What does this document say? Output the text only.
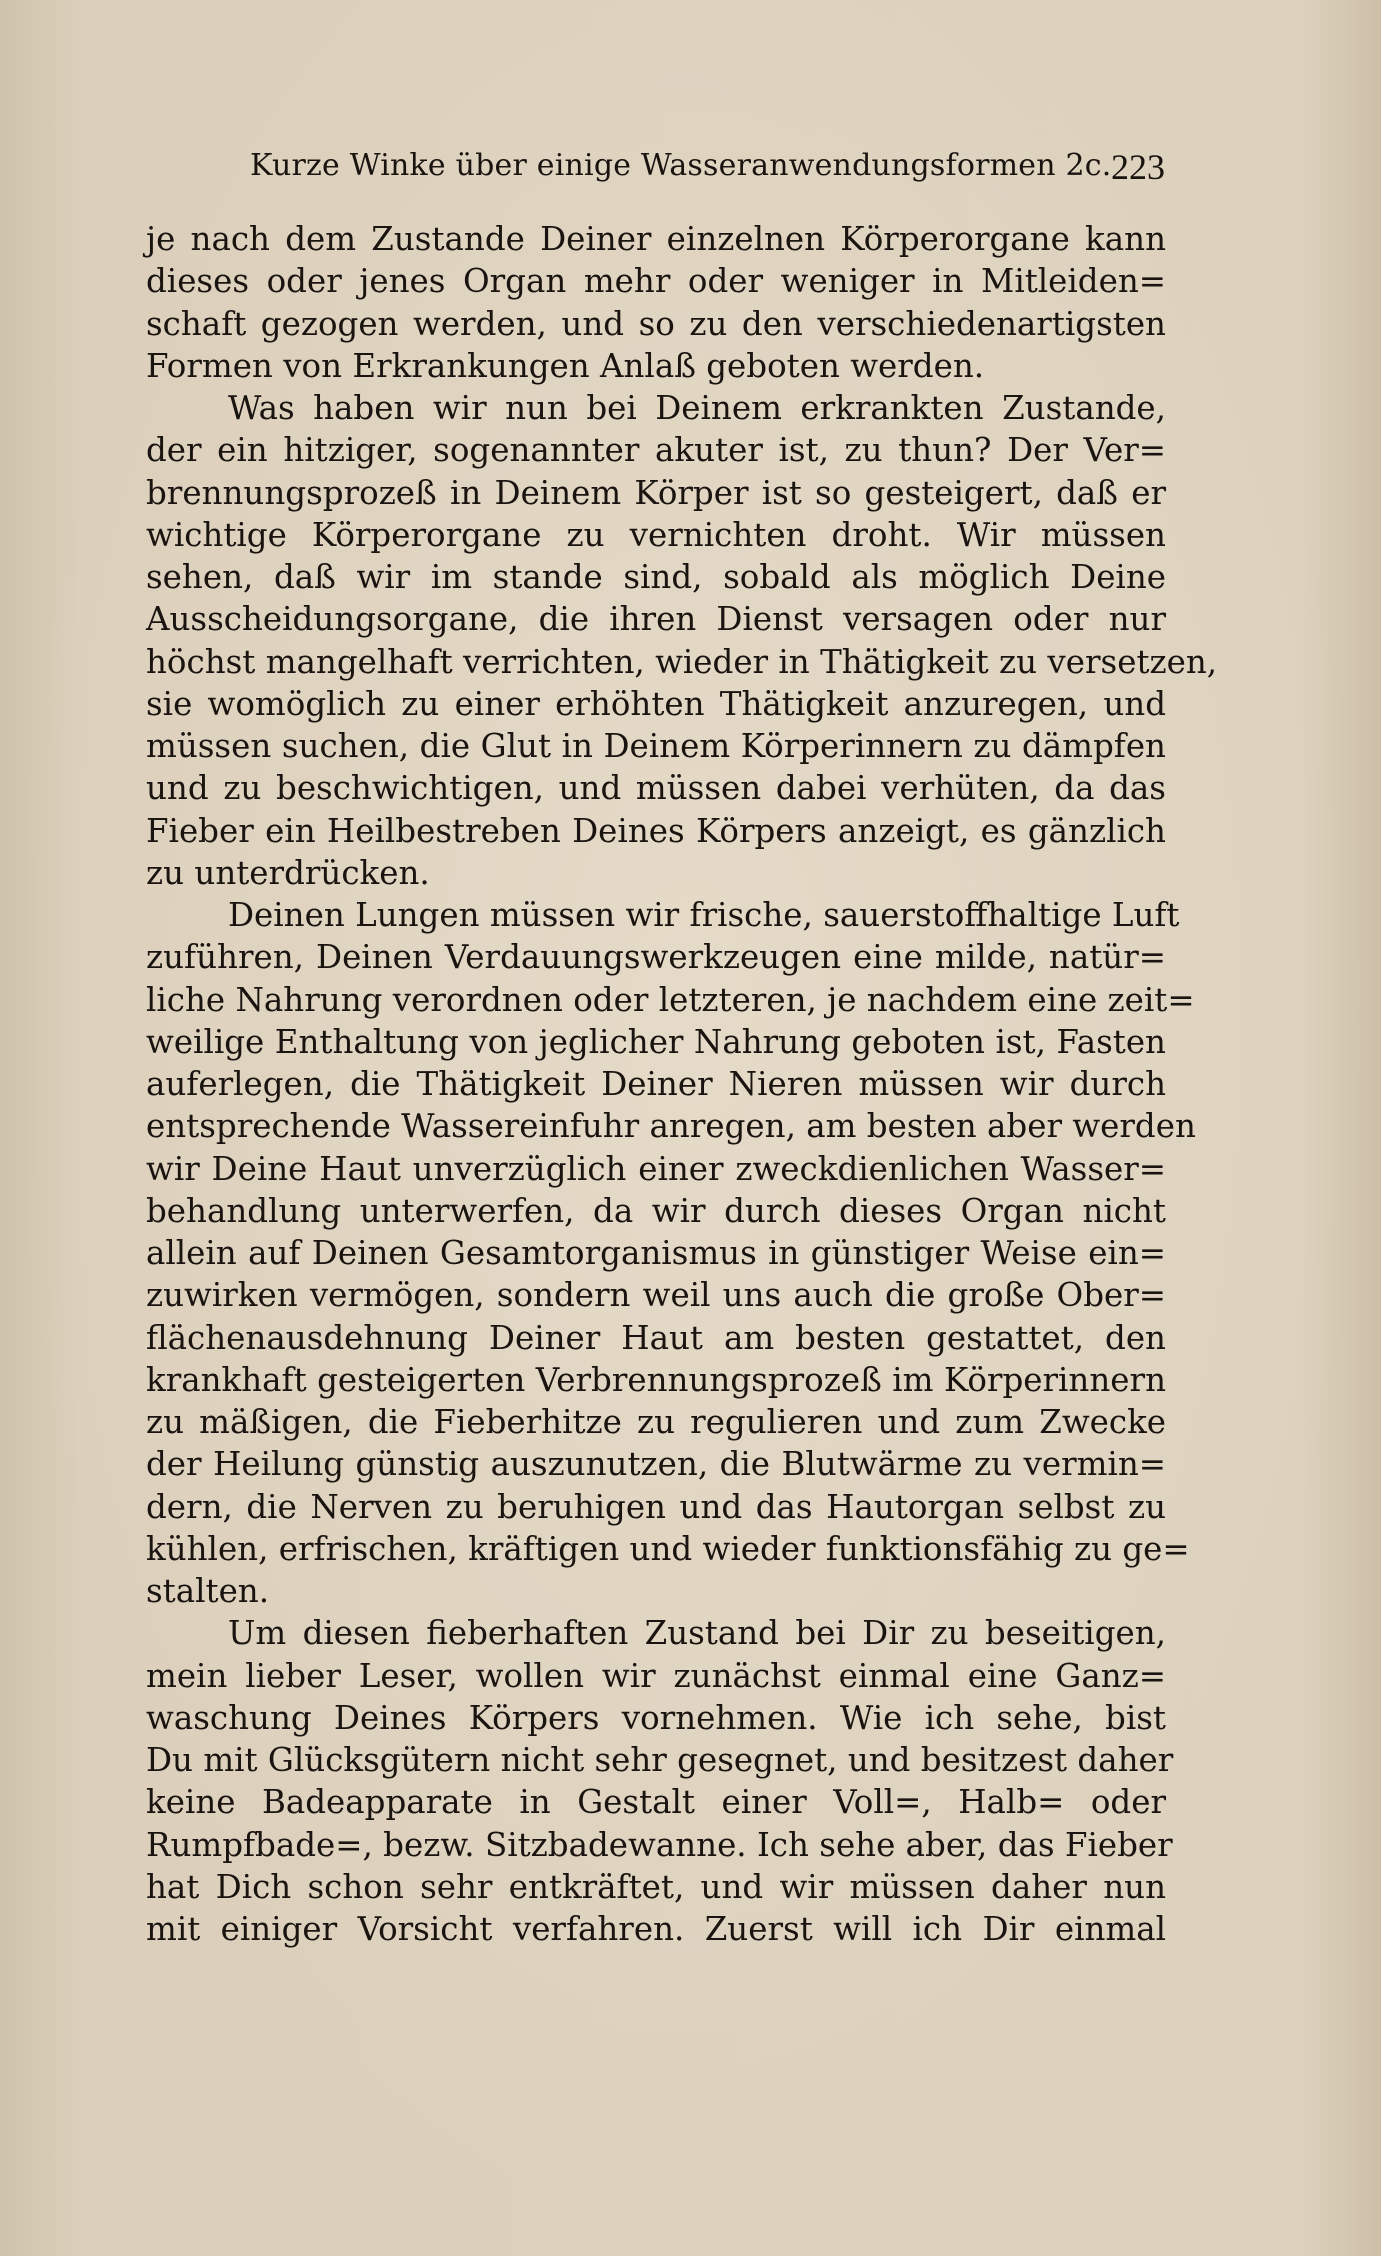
Kurze Winke über einige Wasseranwendungsformen 2c. 223
je nach dem Zustande Deiner einzelnen Körperorgane kann
dieses oder jenes Organ mehr oder weniger in Mitleiden=
schaft gezogen werden, und so zu den verschiedenartigsten
Formen von Erkrankungen Anlaß geboten werden.
Was haben wir nun bei Deinem erkrankten Zustande,
der ein hitziger, sogenannter akuter ist, zu thun? Der Ver=
brennungsprozeß in Deinem Körper ist so gesteigert, daß er
wichtige Körperorgane zu vernichten droht. Wir müssen
sehen, daß wir im stande sind, sobald als möglich Deine
Ausscheidungsorgane, die ihren Dienst versagen oder nur
höchst mangelhaft verrichten, wieder in Thätigkeit zu versetzen,
sie womöglich zu einer erhöhten Thätigkeit anzuregen, und
müssen suchen, die Glut in Deinem Körperinnern zu dämpfen
und zu beschwichtigen, und müssen dabei verhüten, da das
Fieber ein Heilbestreben Deines Körpers anzeigt, es gänzlich
zu unterdrücken.
Deinen Lungen müssen wir frische, sauerstoffhaltige Luft
zuführen, Deinen Verdauungswerkzeugen eine milde, natür=
liche Nahrung verordnen oder letzteren, je nachdem eine zeit=
weilige Enthaltung von jeglicher Nahrung geboten ist, Fasten
auferlegen, die Thätigkeit Deiner Nieren müssen wir durch
entsprechende Wassereinfuhr anregen, am besten aber werden
wir Deine Haut unverzüglich einer zweckdienlichen Wasser=
behandlung unterwerfen, da wir durch dieses Organ nicht
allein auf Deinen Gesamtorganismus in günstiger Weise ein=
zuwirken vermögen, sondern weil uns auch die große Ober=
flächenausdehnung Deiner Haut am besten gestattet, den
krankhaft gesteigerten Verbrennungsprozeß im Körperinnern
zu mäßigen, die Fieberhitze zu regulieren und zum Zwecke
der Heilung günstig auszunutzen, die Blutwärme zu vermin=
dern, die Nerven zu beruhigen und das Hautorgan selbst zu
kühlen, erfrischen, kräftigen und wieder funktionsfähig zu ge=
stalten.
Um diesen fieberhaften Zustand bei Dir zu beseitigen,
mein lieber Leser, wollen wir zunächst einmal eine Ganz=
waschung Deines Körpers vornehmen. Wie ich sehe, bist
Du mit Glücksgütern nicht sehr gesegnet, und besitzest daher
keine Badeapparate in Gestalt einer Voll=, Halb= oder
Rumpfbade=, bezw. Sitzbadewanne. Ich sehe aber, das Fieber
hat Dich schon sehr entkräftet, und wir müssen daher nun
mit einiger Vorsicht verfahren. Zuerst will ich Dir einmal
